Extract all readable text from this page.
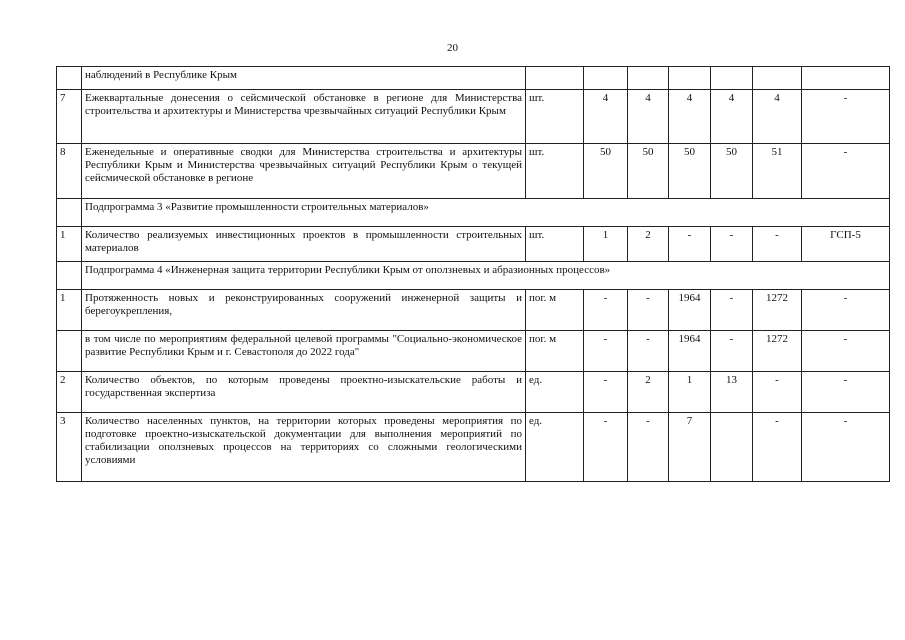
20
	наблюдений в Республике Крым							
7	Ежеквартальные донесения о сейсмической обстановке в регионе для Министерства строительства и архитектуры и Министерства чрезвычайных ситуаций Республики Крым	шт.	4	4	4	4	4	-
8	Еженедельные и оперативные сводки для Министерства строительства и архитектуры Республики Крым и Министерства чрезвычайных ситуаций Республики Крым о текущей сейсмической обстановке в регионе	шт.	50	50	50	50	51	-
	Подпрограмма 3 «Развитие промышленности строительных материалов»							
1	Количество реализуемых инвестиционных проектов в промышленности строительных материалов	шт.	1	2	-	-	-	ГСП-5
	Подпрограмма 4 «Инженерная защита территории Республики Крым от оползневых и абразионных процессов»							
1	Протяженность новых и реконструированных сооружений инженерной защиты и берегоукрепления,	пог. м	-	-	1964	-	1272	-
	в том числе по мероприятиям федеральной целевой программы "Социально-экономическое развитие Республики Крым и г. Севастополя до 2022 года"	пог. м	-	-	1964	-	1272	-
2	Количество объектов, по которым проведены проектно-изыскательские работы и государственная экспертиза	ед.	-	2	1	13	-	-
3	Количество населенных пунктов, на территории которых проведены мероприятия по подготовке проектно-изыскательской документации для выполнения мероприятий по стабилизации оползневых процессов на территориях со сложными геологическими условиями	ед.	-	-	7		-	-
